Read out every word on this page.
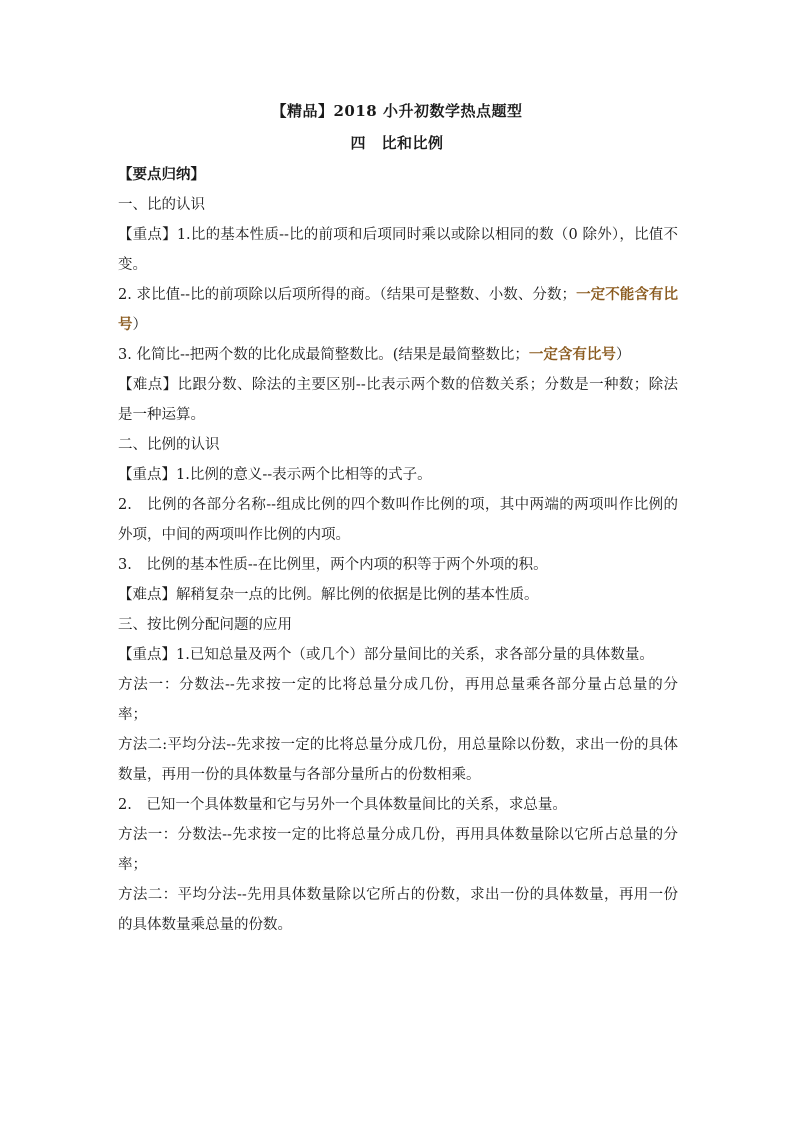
【精品】2018 小升初数学热点题型
四　比和比例

【要点归纳】

一、比的认识

【重点】1.比的基本性质--比的前项和后项同时乘以或除以相同的数（0 除外），比值不变。

2. 求比值--比的前项除以后项所得的商。（结果可是整数、小数、分数；一定不能含有比号）

3. 化简比--把两个数的比化成最简整数比。(结果是最简整数比；一定含有比号）

【难点】比跟分数、除法的主要区别--比表示两个数的倍数关系；分数是一种数；除法是一种运算。

二、比例的认识

【重点】1.比例的意义--表示两个比相等的式子。

2.　比例的各部分名称--组成比例的四个数叫作比例的项，其中两端的两项叫作比例的外项，中间的两项叫作比例的内项。

3.　比例的基本性质--在比例里，两个内项的积等于两个外项的积。

【难点】解稍复杂一点的比例。解比例的依据是比例的基本性质。

三、按比例分配问题的应用

【重点】1.已知总量及两个（或几个）部分量间比的关系，求各部分量的具体数量。

方法一：分数法--先求按一定的比将总量分成几份，再用总量乘各部分量占总量的分率；

方法二:平均分法--先求按一定的比将总量分成几份，用总量除以份数，求出一份的具体数量，再用一份的具体数量与各部分量所占的份数相乘。

2.　已知一个具体数量和它与另外一个具体数量间比的关系，求总量。

方法一：分数法--先求按一定的比将总量分成几份，再用具体数量除以它所占总量的分率；

方法二：平均分法--先用具体数量除以它所占的份数，求出一份的具体数量，再用一份的具体数量乘总量的份数。
